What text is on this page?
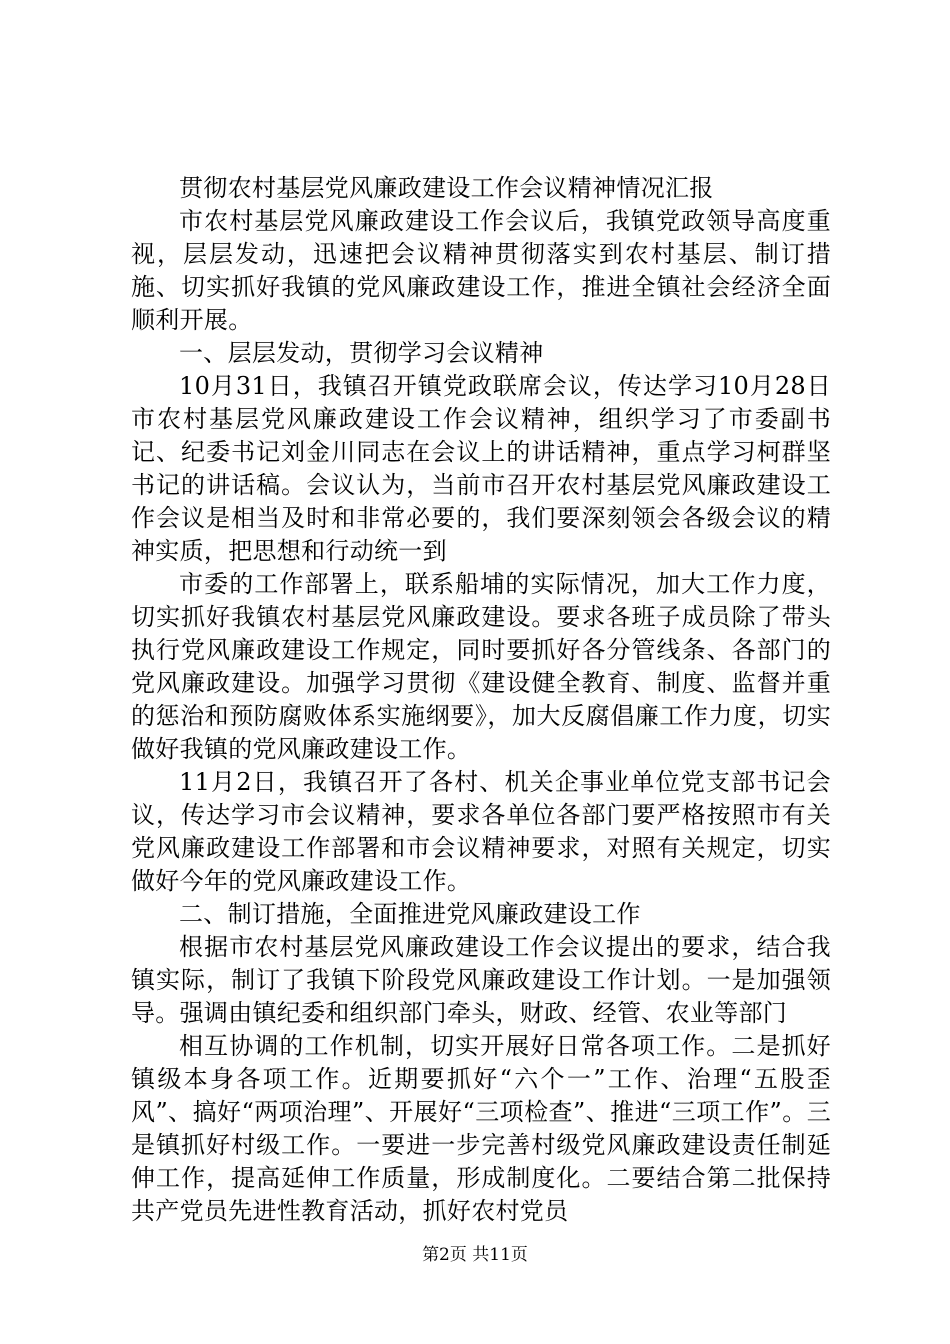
贯彻农村基层党风廉政建设工作会议精神情况汇报

市农村基层党风廉政建设工作会议后，我镇党政领导高度重视，层层发动，迅速把会议精神贯彻落实到农村基层、制订措施、切实抓好我镇的党风廉政建设工作，推进全镇社会经济全面顺利开展。

一、层层发动，贯彻学习会议精神

10月31日，我镇召开镇党政联席会议，传达学习10月28日市农村基层党风廉政建设工作会议精神，组织学习了市委副书记、纪委书记刘金川同志在会议上的讲话精神，重点学习柯群坚书记的讲话稿。会议认为，当前市召开农村基层党风廉政建设工作会议是相当及时和非常必要的，我们要深刻领会各级会议的精神实质，把思想和行动统一到

市委的工作部署上，联系船埔的实际情况，加大工作力度，切实抓好我镇农村基层党风廉政建设。要求各班子成员除了带头执行党风廉政建设工作规定，同时要抓好各分管线条、各部门的党风廉政建设。加强学习贯彻《建设健全教育、制度、监督并重的惩治和预防腐败体系实施纲要》，加大反腐倡廉工作力度，切实做好我镇的党风廉政建设工作。

11月2日，我镇召开了各村、机关企事业单位党支部书记会议，传达学习市会议精神，要求各单位各部门要严格按照市有关党风廉政建设工作部署和市会议精神要求，对照有关规定，切实做好今年的党风廉政建设工作。

二、制订措施，全面推进党风廉政建设工作

根据市农村基层党风廉政建设工作会议提出的要求，结合我镇实际，制订了我镇下阶段党风廉政建设工作计划。一是加强领导。强调由镇纪委和组织部门牵头，财政、经管、农业等部门

相互协调的工作机制，切实开展好日常各项工作。二是抓好镇级本身各项工作。近期要抓好“六个一”工作、治理“五股歪风”、搞好“两项治理”、开展好“三项检查”、推进“三项工作”。三是镇抓好村级工作。一要进一步完善村级党风廉政建设责任制延伸工作，提高延伸工作质量，形成制度化。二要结合第二批保持共产党员先进性教育活动，抓好农村党员

第2页 共11页
